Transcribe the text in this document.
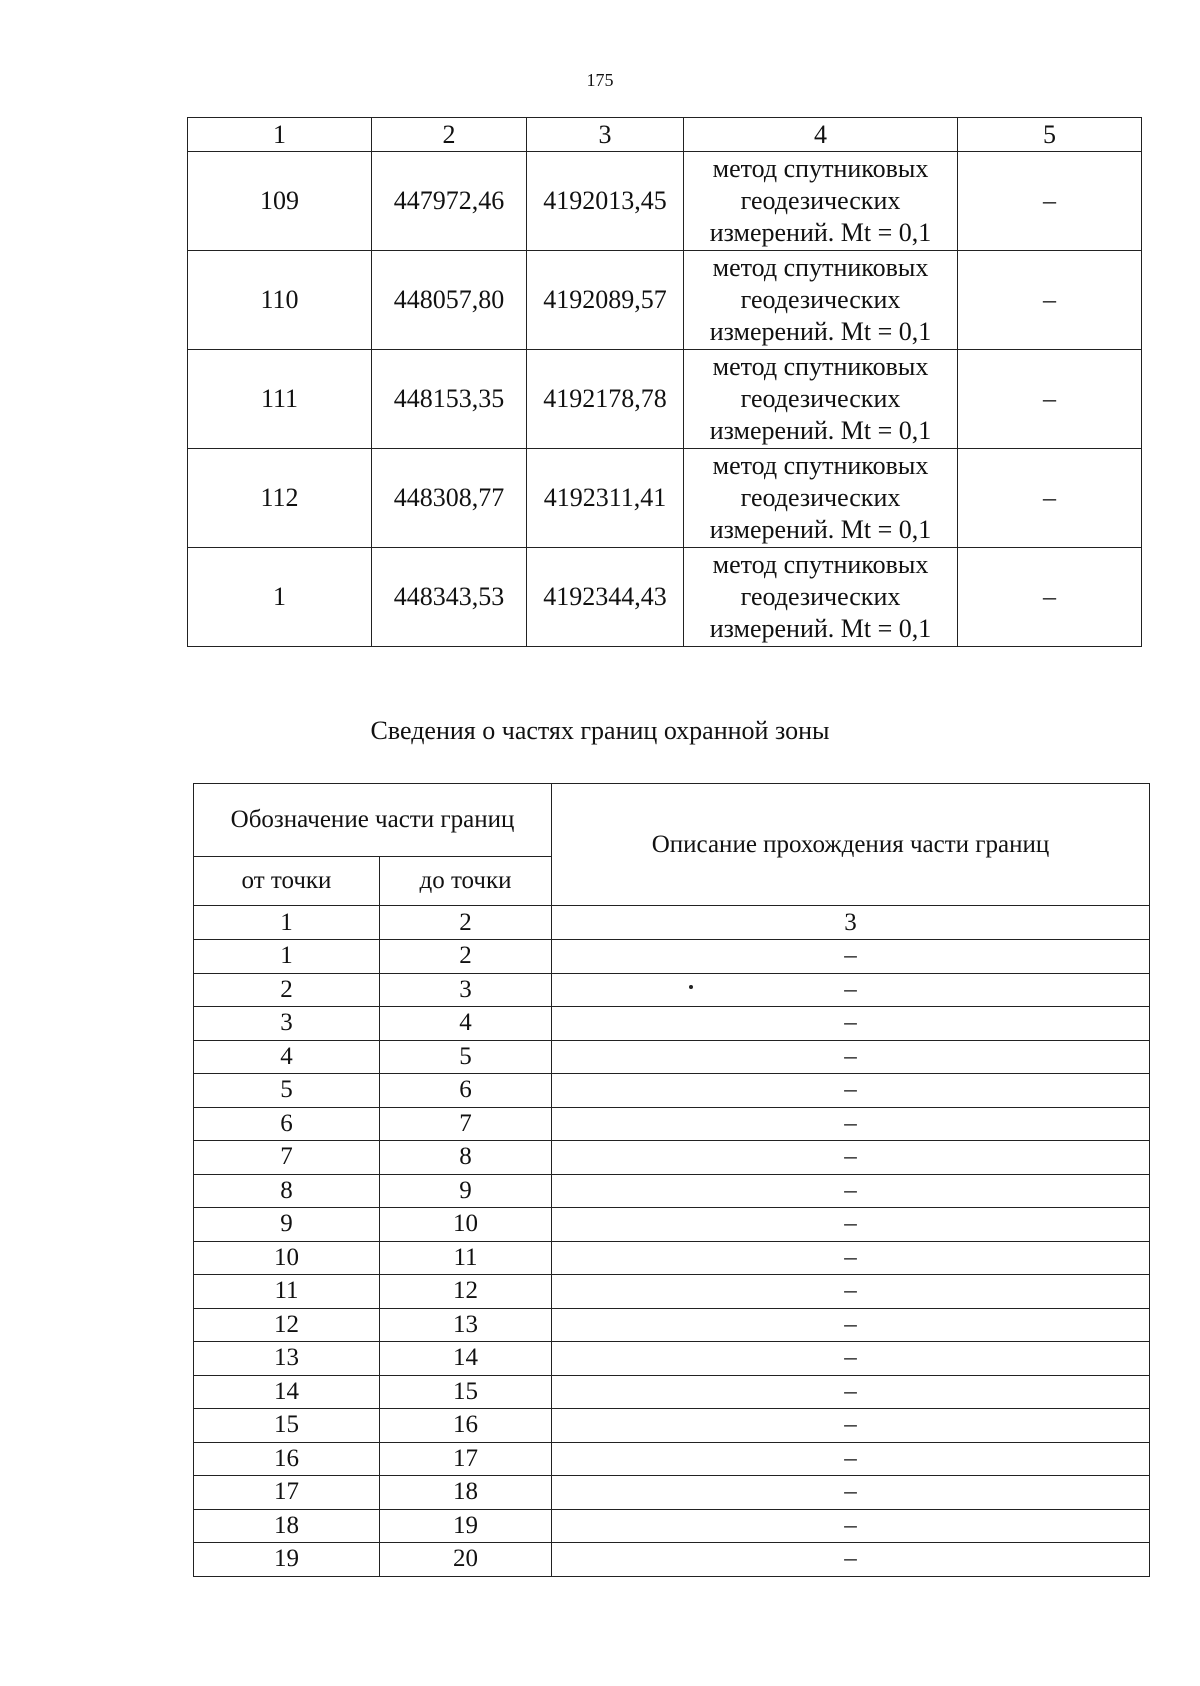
175
1	2	3	4	5
109	447972,46	4192013,45	метод спутниковых
геодезических
измерений. Mt = 0,1	–
110	448057,80	4192089,57	метод спутниковых
геодезических
измерений. Mt = 0,1	–
111	448153,35	4192178,78	метод спутниковых
геодезических
измерений. Mt = 0,1	–
112	448308,77	4192311,41	метод спутниковых
геодезических
измерений. Mt = 0,1	–
1	448343,53	4192344,43	метод спутниковых
геодезических
измерений. Mt = 0,1	–
Сведения о частях границ охранной зоны
Обозначение части границ		Описание прохождения части границ
от точки	до точки	
1	2	3
1	2	–
2	3	–
3	4	–
4	5	–
5	6	–
6	7	–
7	8	–
8	9	–
9	10	–
10	11	–
11	12	–
12	13	–
13	14	–
14	15	–
15	16	–
16	17	–
17	18	–
18	19	–
19	20	–
